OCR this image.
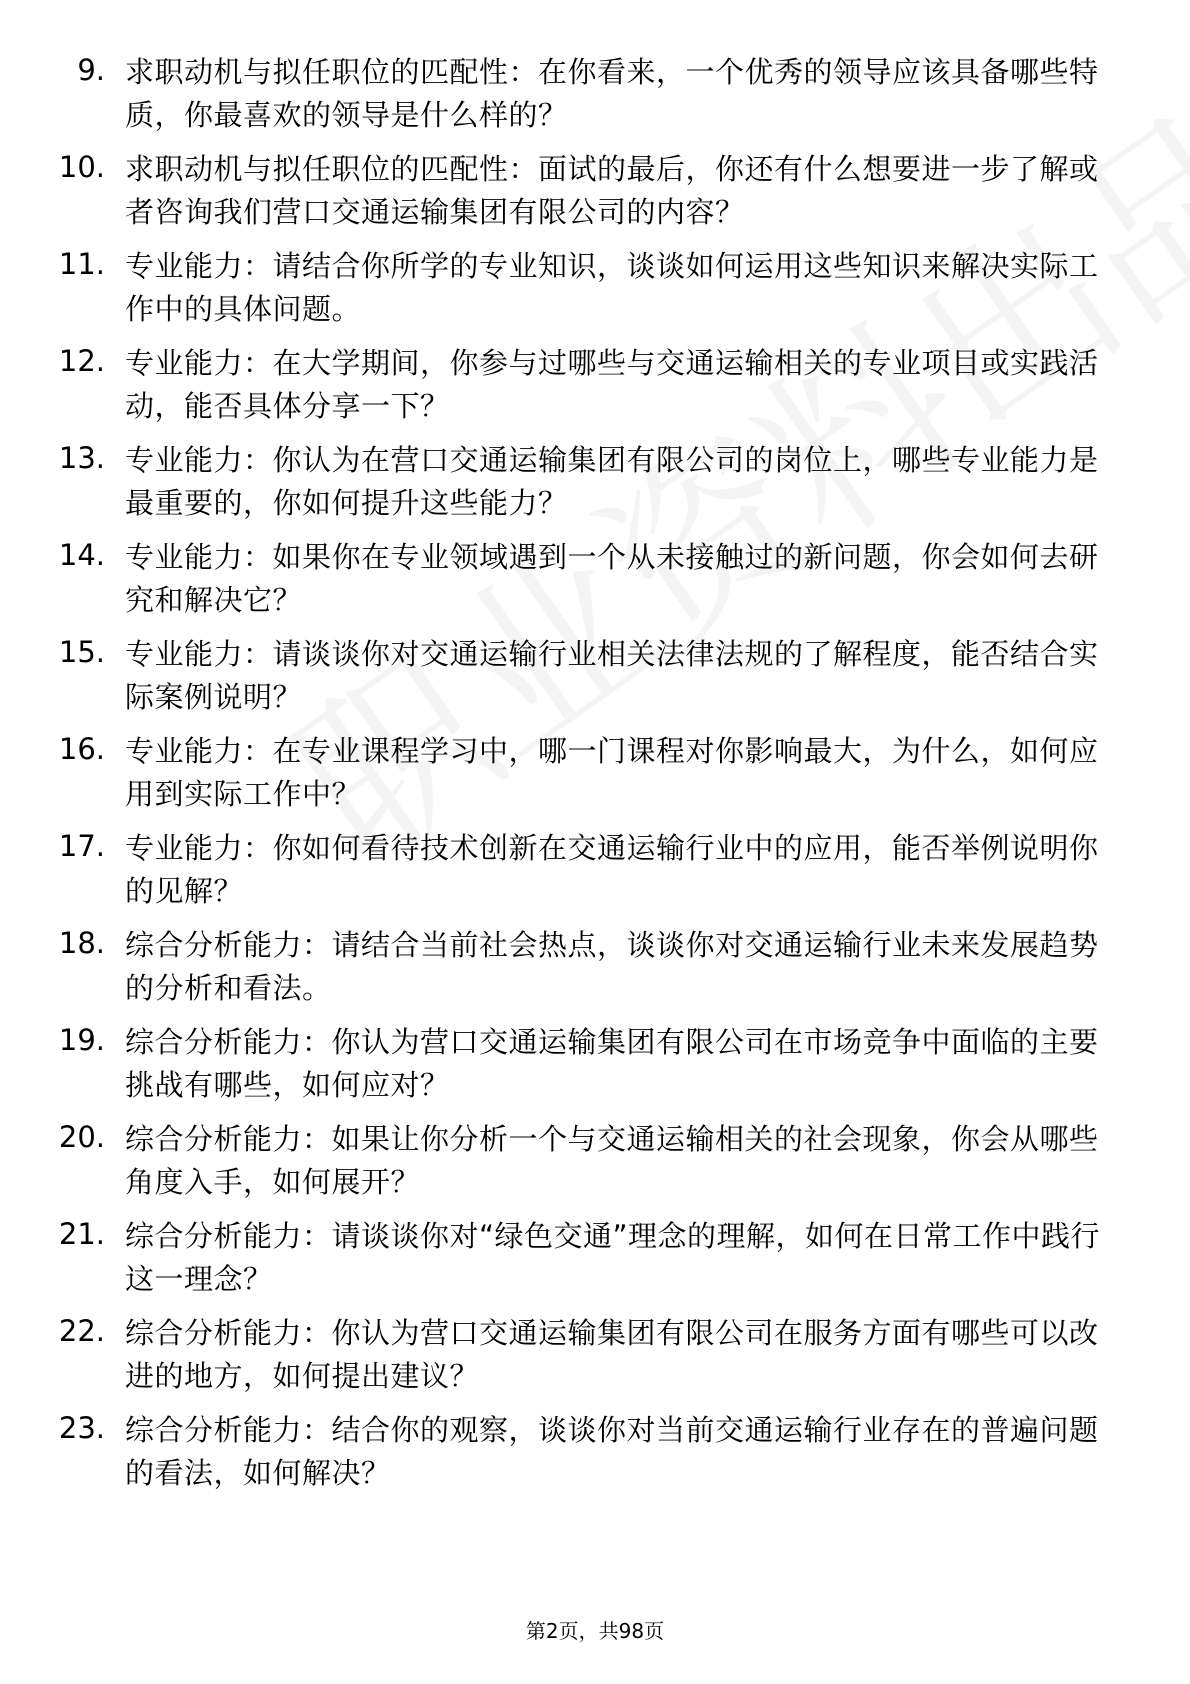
9. 求职动机与拟任职位的匹配性：在你看来，一个优秀的领导应该具备哪些特质，你最喜欢的领导是什么样的？
10. 求职动机与拟任职位的匹配性：面试的最后，你还有什么想要进一步了解或者咨询我们营口交通运输集团有限公司的内容？
11. 专业能力：请结合你所学的专业知识，谈谈如何运用这些知识来解决实际工作中的具体问题。
12. 专业能力：在大学期间，你参与过哪些与交通运输相关的专业项目或实践活动，能否具体分享一下？
13. 专业能力：你认为在营口交通运输集团有限公司的岗位上，哪些专业能力是最重要的，你如何提升这些能力？
14. 专业能力：如果你在专业领域遇到一个从未接触过的新问题，你会如何去研究和解决它？
15. 专业能力：请谈谈你对交通运输行业相关法律法规的了解程度，能否结合实际案例说明？
16. 专业能力：在专业课程学习中，哪一门课程对你影响最大，为什么，如何应用到实际工作中？
17. 专业能力：你如何看待技术创新在交通运输行业中的应用，能否举例说明你的见解？
18. 综合分析能力：请结合当前社会热点，谈谈你对交通运输行业未来发展趋势的分析和看法。
19. 综合分析能力：你认为营口交通运输集团有限公司在市场竞争中面临的主要挑战有哪些，如何应对？
20. 综合分析能力：如果让你分析一个与交通运输相关的社会现象，你会从哪些角度入手，如何展开？
21. 综合分析能力：请谈谈你对“绿色交通”理念的理解，如何在日常工作中践行这一理念？
22. 综合分析能力：你认为营口交通运输集团有限公司在服务方面有哪些可以改进的地方，如何提出建议？
23. 综合分析能力：结合你的观察，谈谈你对当前交通运输行业存在的普遍问题的看法，如何解决？
第2页，共98页
